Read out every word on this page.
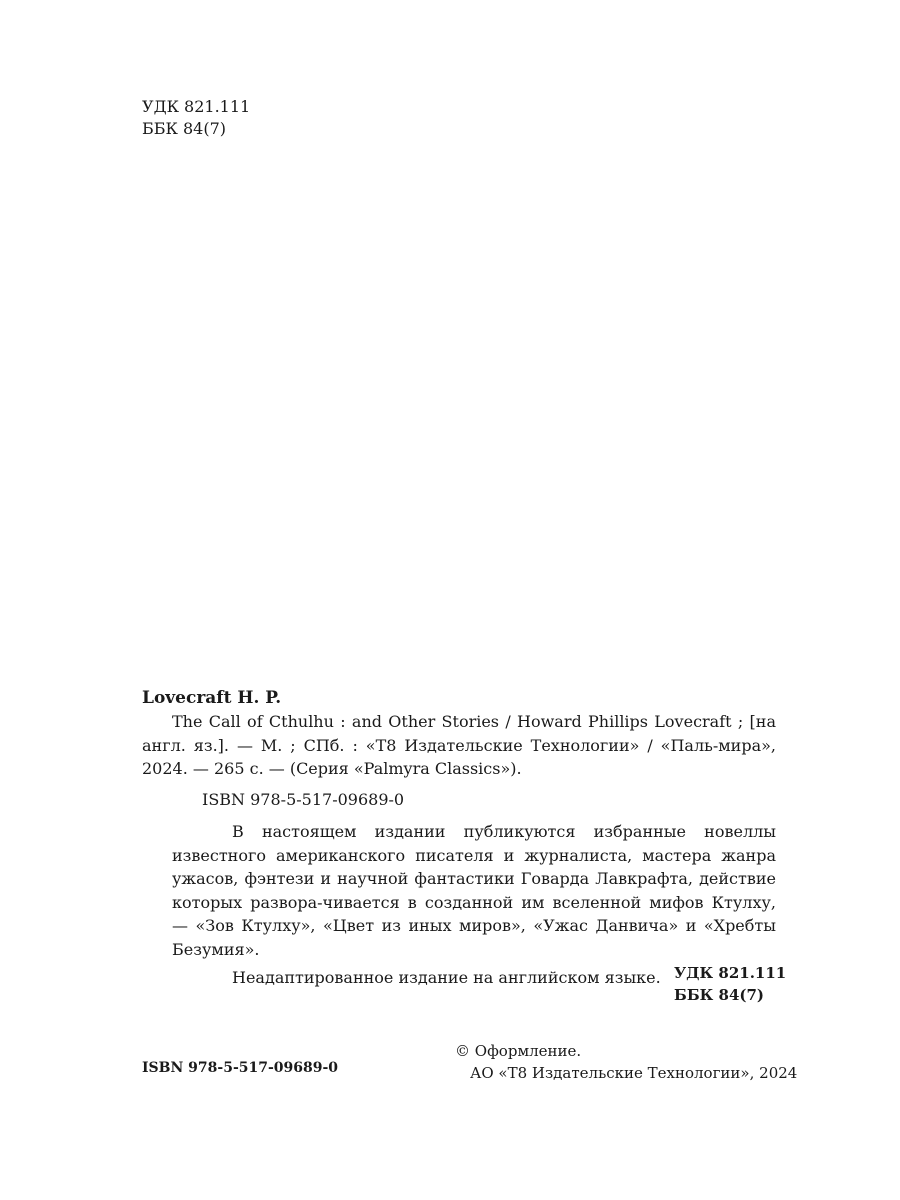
УДК 821.111
ББК 84(7)
Lovecraft H. P.

The Call of Cthulhu : and Other Stories / Howard Phillips Lovecraft ; [на англ. яз.]. — М. ; СПб. : «Т8 Издательские Технологии» / «Паль-мира», 2024. — 265 с. — (Серия «Palmyra Classics»).

ISBN 978-5-517-09689-0

В настоящем издании публикуются избранные новеллы известного американского писателя и журналиста, мастера жанра ужасов, фэнтези и научной фантастики Говарда Лавкрафта, действие которых развора-чивается в созданной им вселенной мифов Ктулху, — «Зов Ктулху», «Цвет из иных миров», «Ужас Данвича» и «Хребты Безумия».

Неадаптированное издание на английском языке. УДК 821.111
ББК 84(7)
ISBN 978-5-517-09689-0
© Оформление.
АО «Т8 Издательские Технологии», 2024
